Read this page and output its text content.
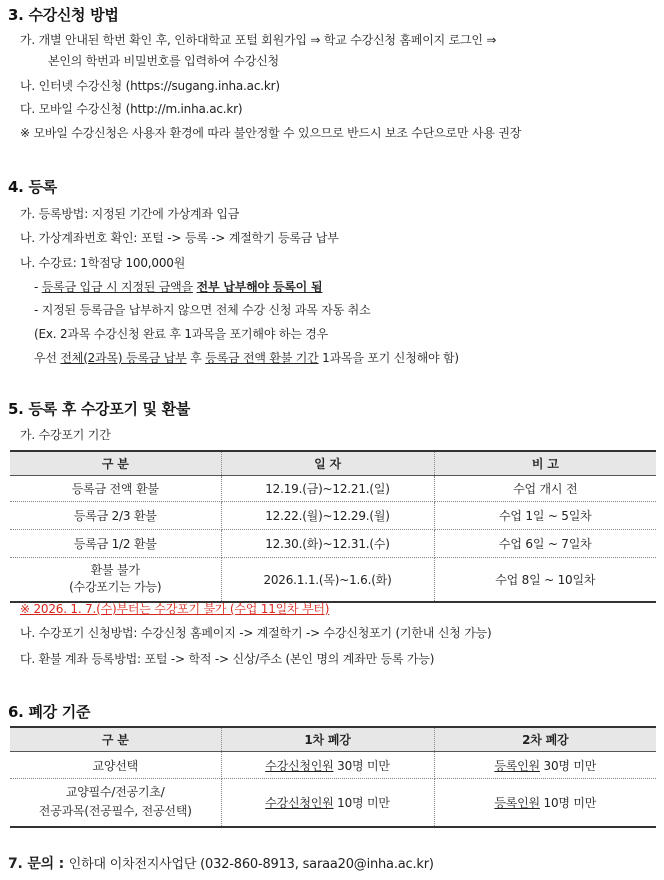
3. 수강신청 방법
가. 개별 안내된 학번 확인 후, 인하대학교 포털 회원가입 ⇒ 학교 수강신청 홈페이지 로그인 ⇒
본인의 학번과 비밀번호를 입력하여 수강신청
나. 인터넷 수강신청 (https://sugang.inha.ac.kr)
다. 모바일 수강신청 (http://m.inha.ac.kr)
※ 모바일 수강신청은 사용자 환경에 따라 불안정할 수 있으므로 반드시 보조 수단으로만 사용 권장
4. 등록
가. 등록방법: 지정된 기간에 가상계좌 입금
나. 가상계좌번호 확인: 포털 -> 등록 -> 계절학기 등록금 납부
나. 수강료: 1학점당 100,000원
- 등록금 입금 시 지정된 금액을 전부 납부해야 등록이 됨
- 지정된 등록금을 납부하지 않으면 전체 수강 신청 과목 자동 취소
(Ex. 2과목 수강신청 완료 후 1과목을 포기해야 하는 경우
우선 전체(2과목) 등록금 납부 후 등록금 전액 환불 기간 1과목을 포기 신청해야 함)
5. 등록 후 수강포기 및 환불
가. 수강포기 기간
구 분	일 자	비 고
등록금 전액 환불	12.19.(금)~12.21.(일)	수업 개시 전
등록금 2/3 환불	12.22.(월)~12.29.(월)	수업 1일 ~ 5일차
등록금 1/2 환불	12.30.(화)~12.31.(수)	수업 6일 ~ 7일차

환불 불가
(수강포기는 가능)	2026.1.1.(목)~1.6.(화)	수업 8일 ~ 10일차
※ 2026. 1. 7.(수)부터는 수강포기 불가 (수업 11일차 부터)
나. 수강포기 신청방법: 수강신청 홈페이지 -> 계절학기 -> 수강신청포기 (기한내 신청 가능)
다. 환불 계좌 등록방법: 포털 -> 학적 -> 신상/주소 (본인 명의 계좌만 등록 가능)
6. 폐강 기준
구 분	1차 폐강	2차 폐강
교양선택	수강신청인원 30명 미만	등록인원 30명 미만

교양필수/전공기초/
전공과목(전공필수, 전공선택)	수강신청인원 10명 미만	등록인원 10명 미만
7. 문의 : 인하대 이차전지사업단 (032-860-8913, saraa20@inha.ac.kr)
